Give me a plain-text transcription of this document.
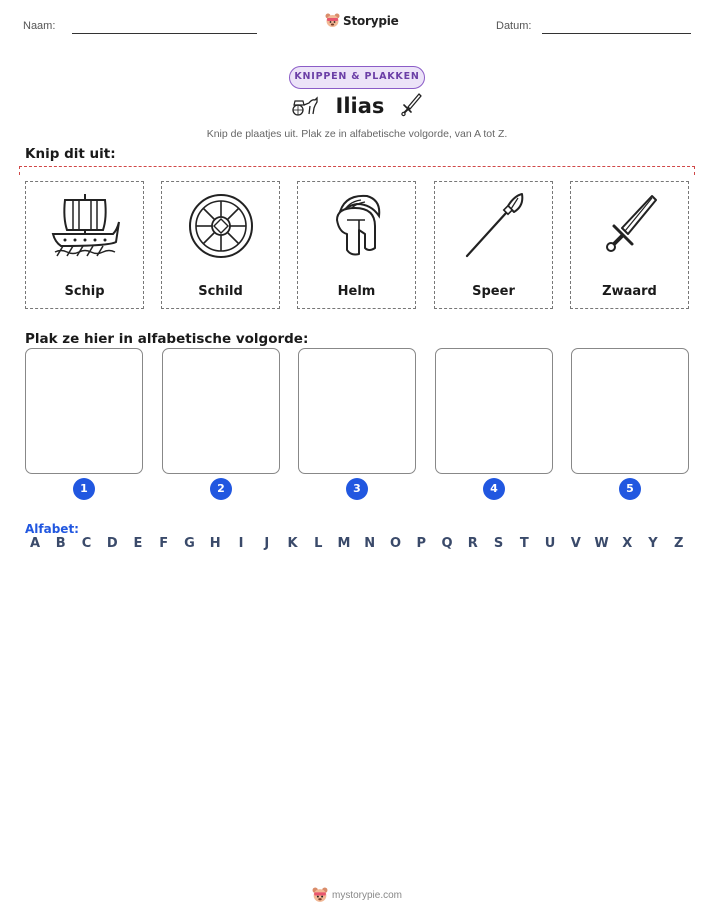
Naam:	Storypie	Datum:
KNIPPEN & PLAKKEN
Ilias
Knip de plaatjes uit. Plak ze in alfabetische volgorde, van A tot Z.
Knip dit uit:
Schip	Schild	Helm	Speer	Zwaard
Plak ze hier in alfabetische volgorde:
1	2	3	4	5
Alfabet:
A	B	C	D	E	F	G	H	I	J	K	L	M	N	O	P	Q	R	S	T	U	V	W	X	Y	Z
mystorypie.com
